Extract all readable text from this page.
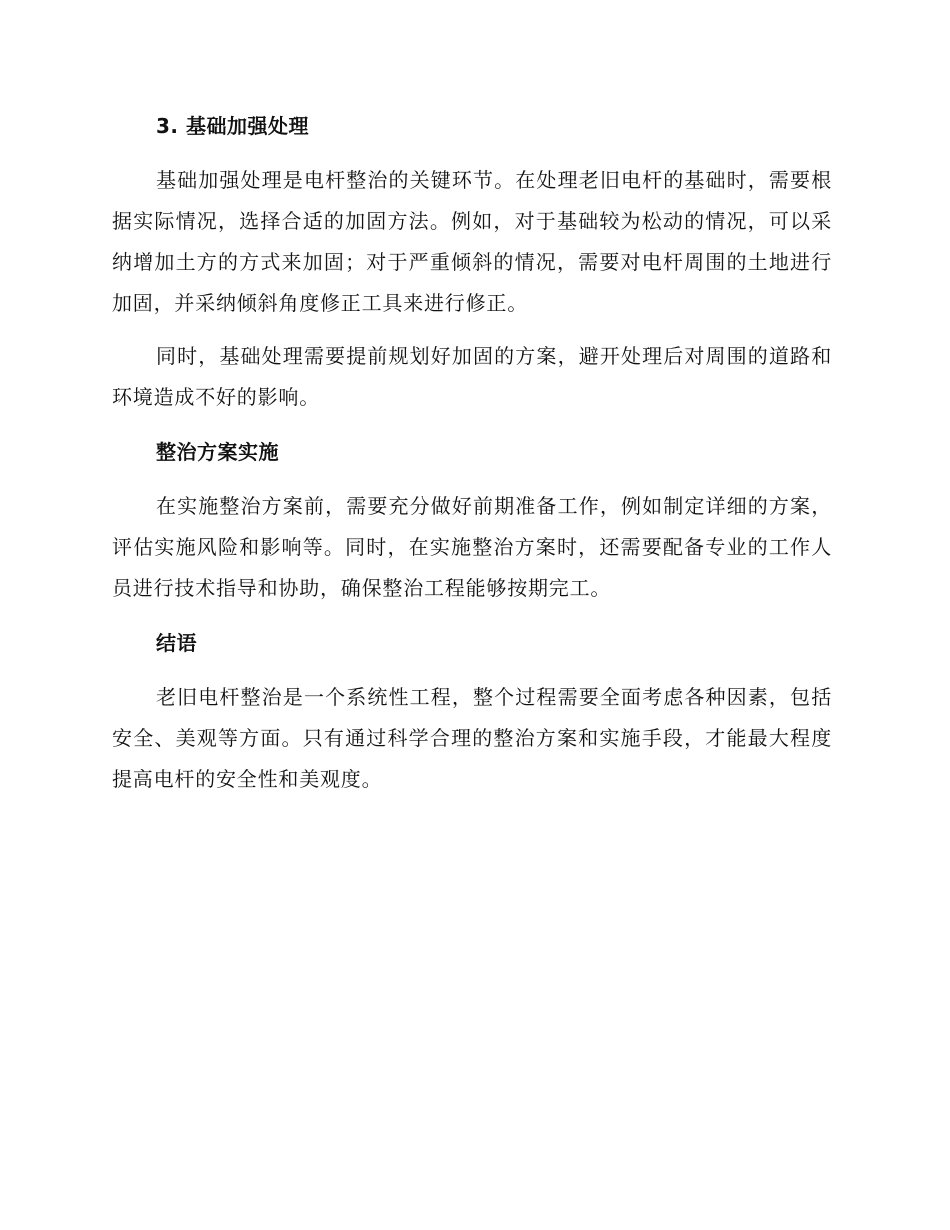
3. 基础加强处理

基础加强处理是电杆整治的关键环节。在处理老旧电杆的基础时，需要根据实际情况，选择合适的加固方法。例如，对于基础较为松动的情况，可以采纳增加土方的方式来加固；对于严重倾斜的情况，需要对电杆周围的土地进行加固，并采纳倾斜角度修正工具来进行修正。

同时，基础处理需要提前规划好加固的方案，避开处理后对周围的道路和环境造成不好的影响。

整治方案实施

在实施整治方案前，需要充分做好前期准备工作，例如制定详细的方案，评估实施风险和影响等。同时，在实施整治方案时，还需要配备专业的工作人员进行技术指导和协助，确保整治工程能够按期完工。

结语

老旧电杆整治是一个系统性工程，整个过程需要全面考虑各种因素，包括安全、美观等方面。只有通过科学合理的整治方案和实施手段，才能最大程度提高电杆的安全性和美观度。
